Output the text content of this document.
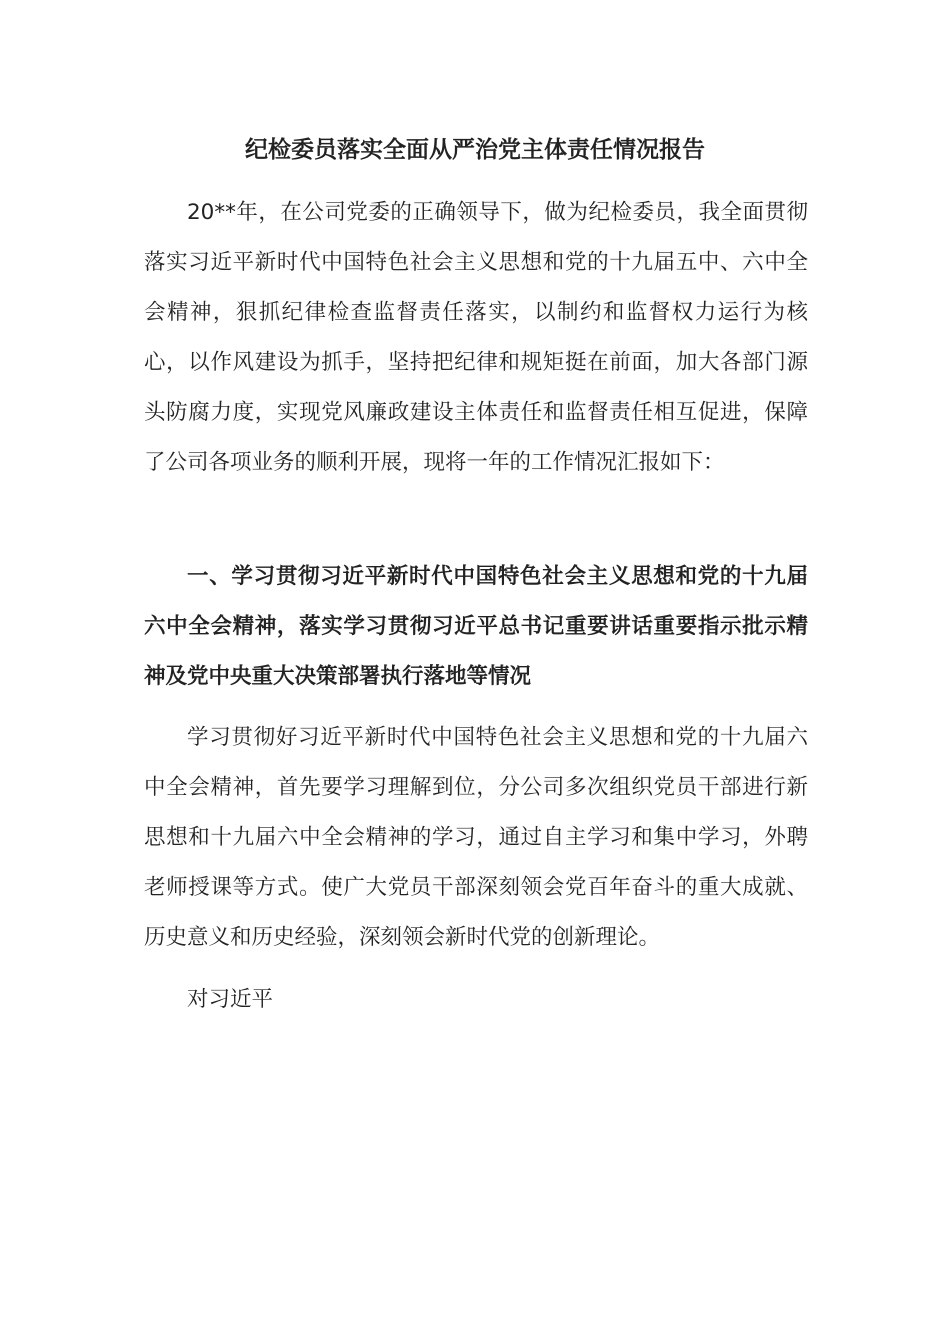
纪检委员落实全面从严治党主体责任情况报告

20**年，在公司党委的正确领导下，做为纪检委员，我全面贯彻落实习近平新时代中国特色社会主义思想和党的十九届五中、六中全会精神，狠抓纪律检查监督责任落实，以制约和监督权力运行为核心，以作风建设为抓手，坚持把纪律和规矩挺在前面，加大各部门源头防腐力度，实现党风廉政建设主体责任和监督责任相互促进，保障了公司各项业务的顺利开展，现将一年的工作情况汇报如下：

一、学习贯彻习近平新时代中国特色社会主义思想和党的十九届六中全会精神，落实学习贯彻习近平总书记重要讲话重要指示批示精神及党中央重大决策部署执行落地等情况

学习贯彻好习近平新时代中国特色社会主义思想和党的十九届六中全会精神，首先要学习理解到位，分公司多次组织党员干部进行新思想和十九届六中全会精神的学习，通过自主学习和集中学习，外聘老师授课等方式。使广大党员干部深刻领会党百年奋斗的重大成就、历史意义和历史经验，深刻领会新时代党的创新理论。

对习近平
